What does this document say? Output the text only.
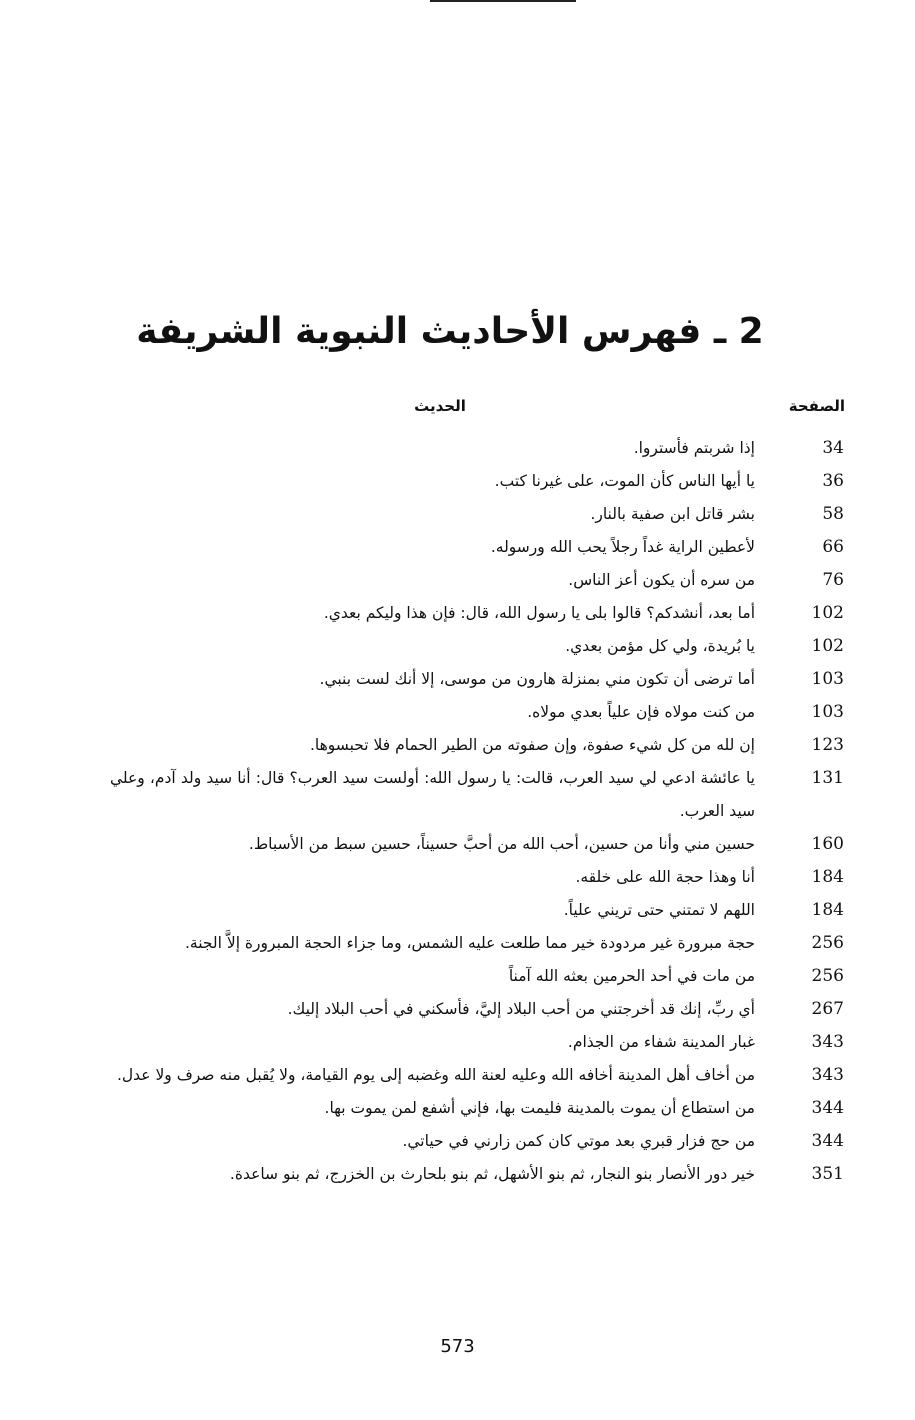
2 ـ فهرس الأحاديث النبوية الشريفة
الصفحة
الحديث
34
إذا شربتم فأستروا.
36
يا أيها الناس كأن الموت، على غيرنا كتب.
58
بشر قاتل ابن صفية بالنار.
66
لأعطين الراية غداً رجلاً يحب الله ورسوله.
76
من سره أن يكون أعز الناس.
102
أما بعد، أنشدكم؟ قالوا بلى يا رسول الله، قال: فإن هذا وليكم بعدي.
102
يا بُريدة، ولي كل مؤمن بعدي.
103
أما ترضى أن تكون مني بمنزلة هارون من موسى، إلا أنك لست بنبي.
103
من كنت مولاه فإن علياً بعدي مولاه.
123
إن لله من كل شيء صفوة، وإن صفوته من الطير الحمام فلا تحبسوها.
131
يا عائشة ادعي لي سيد العرب، قالت: يا رسول الله: أولست سيد العرب؟ قال: أنا سيد ولد آدم، وعلي سيد العرب.
160
حسين مني وأنا من حسين، أحب الله من أحبَّ حسيناً، حسين سبط من الأسباط.
184
أنا وهذا حجة الله على خلقه.
184
اللهم لا تمتني حتى تريني علياً.
256
حجة مبرورة غير مردودة خير مما طلعت عليه الشمس، وما جزاء الحجة المبرورة إلاَّ الجنة.
256
من مات في أحد الحرمين بعثه الله آمناً
267
أي ربِّ، إنك قد أخرجتني من أحب البلاد إليَّ، فأسكني في أحب البلاد إليك.
343
غبار المدينة شفاء من الجذام.
343
من أخاف أهل المدينة أخافه الله وعليه لعنة الله وغضبه إلى يوم القيامة، ولا يُقبل منه صرف ولا عدل.
344
من استطاع أن يموت بالمدينة فليمت بها، فإني أشفع لمن يموت بها.
344
من حج فزار قبري بعد موتي كان كمن زارني في حياتي.
351
خير دور الأنصار بنو النجار، ثم بنو الأشهل، ثم بنو بلحارث بن الخزرج، ثم بنو ساعدة.
573
